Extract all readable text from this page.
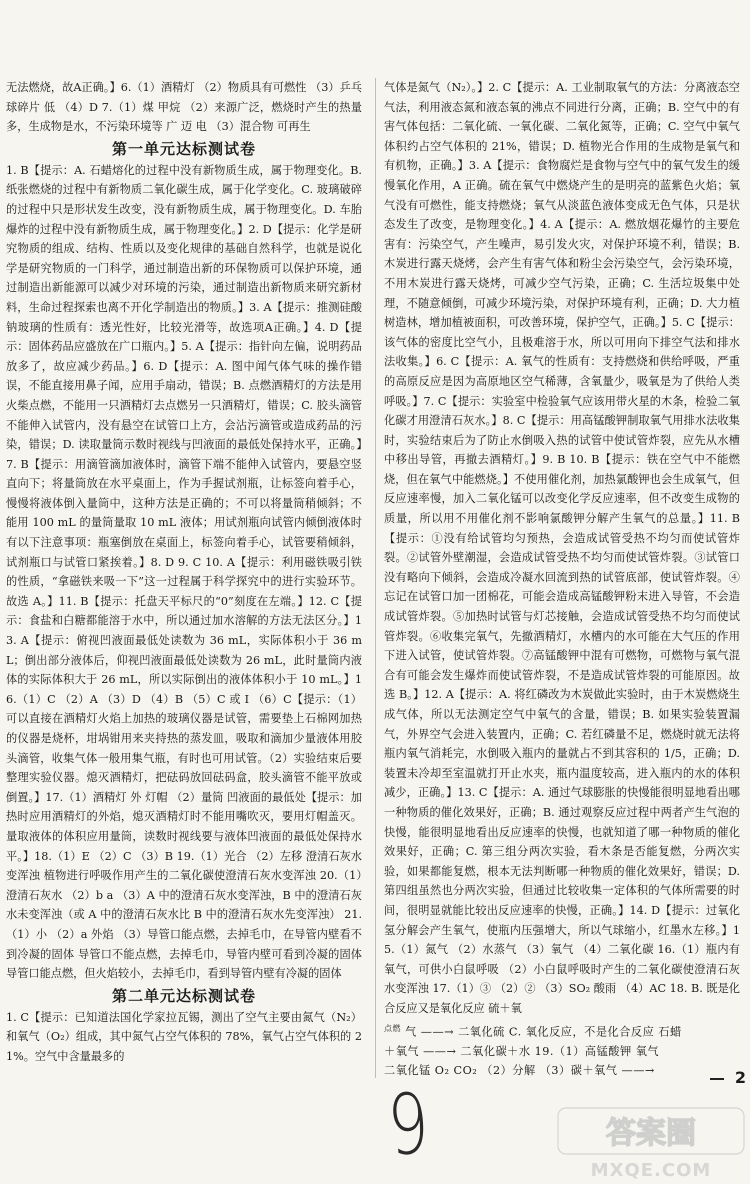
无法燃烧，故A正确。】6.（1）酒精灯 （2）物质具有可燃性 （3）乒乓球碎片 低 （4）D 7.（1）煤 甲烷 （2）来源广泛，燃烧时产生的热量多，生成物是水，不污染环境等 广 迈 电 （3）混合物 可再生

第一单元达标测试卷

1. B【提示：A. 石蜡熔化的过程中没有新物质生成，属于物理变化。B. 纸张燃烧的过程中有新物质二氧化碳生成，属于化学变化。C. 玻璃破碎的过程中只是形状发生改变，没有新物质生成，属于物理变化。D. 车胎爆炸的过程中没有新物质生成，属于物理变化。】2. D【提示：化学是研究物质的组成、结构、性质以及变化规律的基础自然科学，也就是说化学是研究物质的一门科学，通过制造出新的环保物质可以保护环境，通过制造出新能源可以减少对环境的污染，通过制造出新物质来研究新材料，生命过程探索也离不开化学制造出的物质。】3. A【提示：推测硅酸钠玻璃的性质有：透光性好，比较光滑等，故选项A正确。】4. D【提示：固体药品应盛放在广口瓶内。】5. A【提示：指针向左偏，说明药品放多了，故应减少药品。】6. D【提示：A. 图中闻气体气味的操作错误，不能直接用鼻子闻，应用手扇动，错误；B. 点燃酒精灯的方法是用火柴点燃，不能用一只酒精灯去点燃另一只酒精灯，错误；C. 胶头滴管不能伸入试管内，没有悬空在试管口上方，会沾污滴管或造成药品的污染，错误；D. 读取量筒示数时视线与凹液面的最低处保持水平，正确。】7. B【提示：用滴管滴加液体时，滴管下端不能伸入试管内，要悬空竖直向下；将量筒放在水平桌面上，作为手握试剂瓶，让标签向着手心，慢慢将液体倒入量筒中，这种方法是正确的；不可以将量筒稍倾斜；不能用 100 mL 的量筒量取 10 mL 液体；用试剂瓶向试管内倾倒液体时有以下注意事项：瓶塞倒放在桌面上，标签向着手心，试管要稍倾斜，试剂瓶口与试管口紧挨着。】8. D 9. C 10. A【提示：利用磁铁吸引铁的性质，“拿磁铁来吸一下”这一过程属于科学探究中的进行实验环节。故选 A。】11. B【提示：托盘天平标尺的“0”刻度在左端。】12. C【提示：食盐和白糖都能溶于水中，所以通过加水溶解的方法无法区分。】13. A【提示：俯视凹液面最低处读数为 36 mL，实际体积小于 36 mL；倒出部分液体后，仰视凹液面最低处读数为 26 mL，此时量筒内液体的实际体积大于 26 mL，所以实际倒出的液体体积小于 10 mL。】16.（1）C （2）A （3）D （4）B （5）C 或 I （6）C【提示：（1）可以直接在酒精灯火焰上加热的玻璃仪器是试管，需要垫上石棉网加热的仪器是烧杯，坩埚钳用来夹持热的蒸发皿，吸取和滴加少量液体用胶头滴管，收集气体一般用集气瓶，有时也可用试管。（2）实验结束后要整理实验仪器。熄灭酒精灯，把砝码放回砝码盒，胶头滴管不能平放或倒置。】17.（1）酒精灯 外 灯帽 （2）量筒 凹液面的最低处【提示：加热时应用酒精灯的外焰，熄灭酒精灯时不能用嘴吹灭，要用灯帽盖灭。量取液体的体积应用量筒，读数时视线要与液体凹液面的最低处保持水平。】18.（1）E （2）C （3）B 19.（1）光合 （2）左移 澄清石灰水变浑浊 植物进行呼吸作用产生的二氧化碳使澄清石灰水变浑浊 20.（1）澄清石灰水 （2）b a （3）A 中的澄清石灰水变浑浊，B 中的澄清石灰水未变浑浊（或 A 中的澄清石灰水比 B 中的澄清石灰水先变浑浊） 21.（1）小 （2）a 外焰 （3）导管口能点燃，去掉毛巾，在导管内壁看不到冷凝的固体 导管口不能点燃，去掉毛巾，导管内壁可看到冷凝的固体 导管口能点燃，但火焰较小，去掉毛巾，看到导管内壁有冷凝的固体

第二单元达标测试卷

1. C【提示：已知道法国化学家拉瓦锡，测出了空气主要由氮气（N₂）和氧气（O₂）组成，其中氮气占空气体积的 78%，氧气占空气体积的 21%。空气中含量最多的

气体是氮气（N₂）。】2. C【提示：A. 工业制取氧气的方法：分离液态空气法，利用液态氮和液态氧的沸点不同进行分离，正确；B. 空气中的有害气体包括：二氧化硫、一氧化碳、二氧化氮等，正确；C. 空气中氧气体积约占空气体积的 21%，错误；D. 植物光合作用的生成物是氧气和有机物，正确。】3. A【提示：食物腐烂是食物与空气中的氧气发生的缓慢氧化作用，A 正确。硫在氧气中燃烧产生的是明亮的蓝紫色火焰；氧气没有可燃性，能支持燃烧；氧气从淡蓝色液体变成无色气体，只是状态发生了改变，是物理变化。】4. A【提示：A. 燃放烟花爆竹的主要危害有：污染空气，产生噪声，易引发火灾，对保护环境不利，错误；B. 木炭进行露天烧烤，会产生有害气体和粉尘会污染空气，会污染环境，不用木炭进行露天烧烤，可减少空气污染，正确；C. 生活垃圾集中处理，不随意倾倒，可减少环境污染，对保护环境有利，正确；D. 大力植树造林，增加植被面积，可改善环境，保护空气，正确。】5. C【提示：该气体的密度比空气小，且极难溶于水，所以可用向下排空气法和排水法收集。】6. C【提示：A. 氧气的性质有：支持燃烧和供给呼吸，严重的高原反应是因为高原地区空气稀薄，含氧量少，吸氧是为了供给人类呼吸。】7. C【提示：实验室中检验氧气应该用带火星的木条，检验二氧化碳才用澄清石灰水。】8. C【提示：用高锰酸钾制取氧气用排水法收集时，实验结束后为了防止水倒吸入热的试管中使试管炸裂，应先从水槽中移出导管，再撤去酒精灯。】9. B 10. B【提示：铁在空气中不能燃烧，但在氧气中能燃烧。】不使用催化剂，加热氯酸钾也会生成氧气，但反应速率慢，加入二氧化锰可以改变化学反应速率，但不改变生成物的质量，所以用不用催化剂不影响氯酸钾分解产生氧气的总量。】11. B【提示：①没有给试管均匀预热，会造成试管受热不均匀而使试管炸裂。②试管外壁潮湿，会造成试管受热不均匀而使试管炸裂。③试管口没有略向下倾斜，会造成冷凝水回流到热的试管底部，使试管炸裂。④忘记在试管口加一团棉花，可能会造成高锰酸钾粉末进入导管，不会造成试管炸裂。⑤加热时试管与灯芯接触，会造成试管受热不均匀而使试管炸裂。⑥收集完氧气，先撤酒精灯，水槽内的水可能在大气压的作用下进入试管，使试管炸裂。⑦高锰酸钾中混有可燃物，可燃物与氧气混合有可能会发生爆炸而使试管炸裂，不是造成试管炸裂的可能原因。故选 B。】12. A【提示：A. 将红磷改为木炭做此实验时，由于木炭燃烧生成气体，所以无法测定空气中氧气的含量，错误；B. 如果实验装置漏气，外界空气会进入装置内，正确；C. 若红磷量不足，燃烧时就无法将瓶内氧气消耗完，水倒吸入瓶内的量就占不到其容积的 1/5，正确；D. 装置未冷却至室温就打开止水夹，瓶内温度较高，进入瓶内的水的体积减少，正确。】13. C【提示：A. 通过气球膨胀的快慢能很明显地看出哪一种物质的催化效果好，正确；B. 通过观察反应过程中两者产生气泡的快慢，能很明显地看出反应速率的快慢，也就知道了哪一种物质的催化效果好，正确；C. 第三组分两次实验，看木条是否能复燃，分两次实验，如果都能复燃，根本无法判断哪一种物质的催化效果好，错误；D. 第四组虽然也分两次实验，但通过比较收集一定体积的气体所需要的时间，很明显就能比较出反应速率的快慢，正确。】14. D【提示：过氧化氢分解会产生氧气，使瓶内压强增大，所以气球缩小，红墨水左移。】15.（1）氮气 （2）水蒸气 （3）氧气 （4）二氧化碳 16.（1）瓶内有氧气，可供小白鼠呼吸 （2）小白鼠呼吸时产生的二氧化碳使澄清石灰水变浑浊 17.（1）③ （2）② （3）SO₂ 酸雨 （4）AC 18. B. 既是化合反应又是氧化反应 硫＋氧

$^{点燃}$ 气 ——→ 二氧化硫 C. 氧化反应，不是化合反应 石蜡

＋氧气 ——→ 二氧化碳＋水 19.（1）高锰酸钾 氧气

二氧化锰 O₂ CO₂ （2）分解 （3）碳＋氧气 ——→	2
9	答案圈
MXQE.COM
